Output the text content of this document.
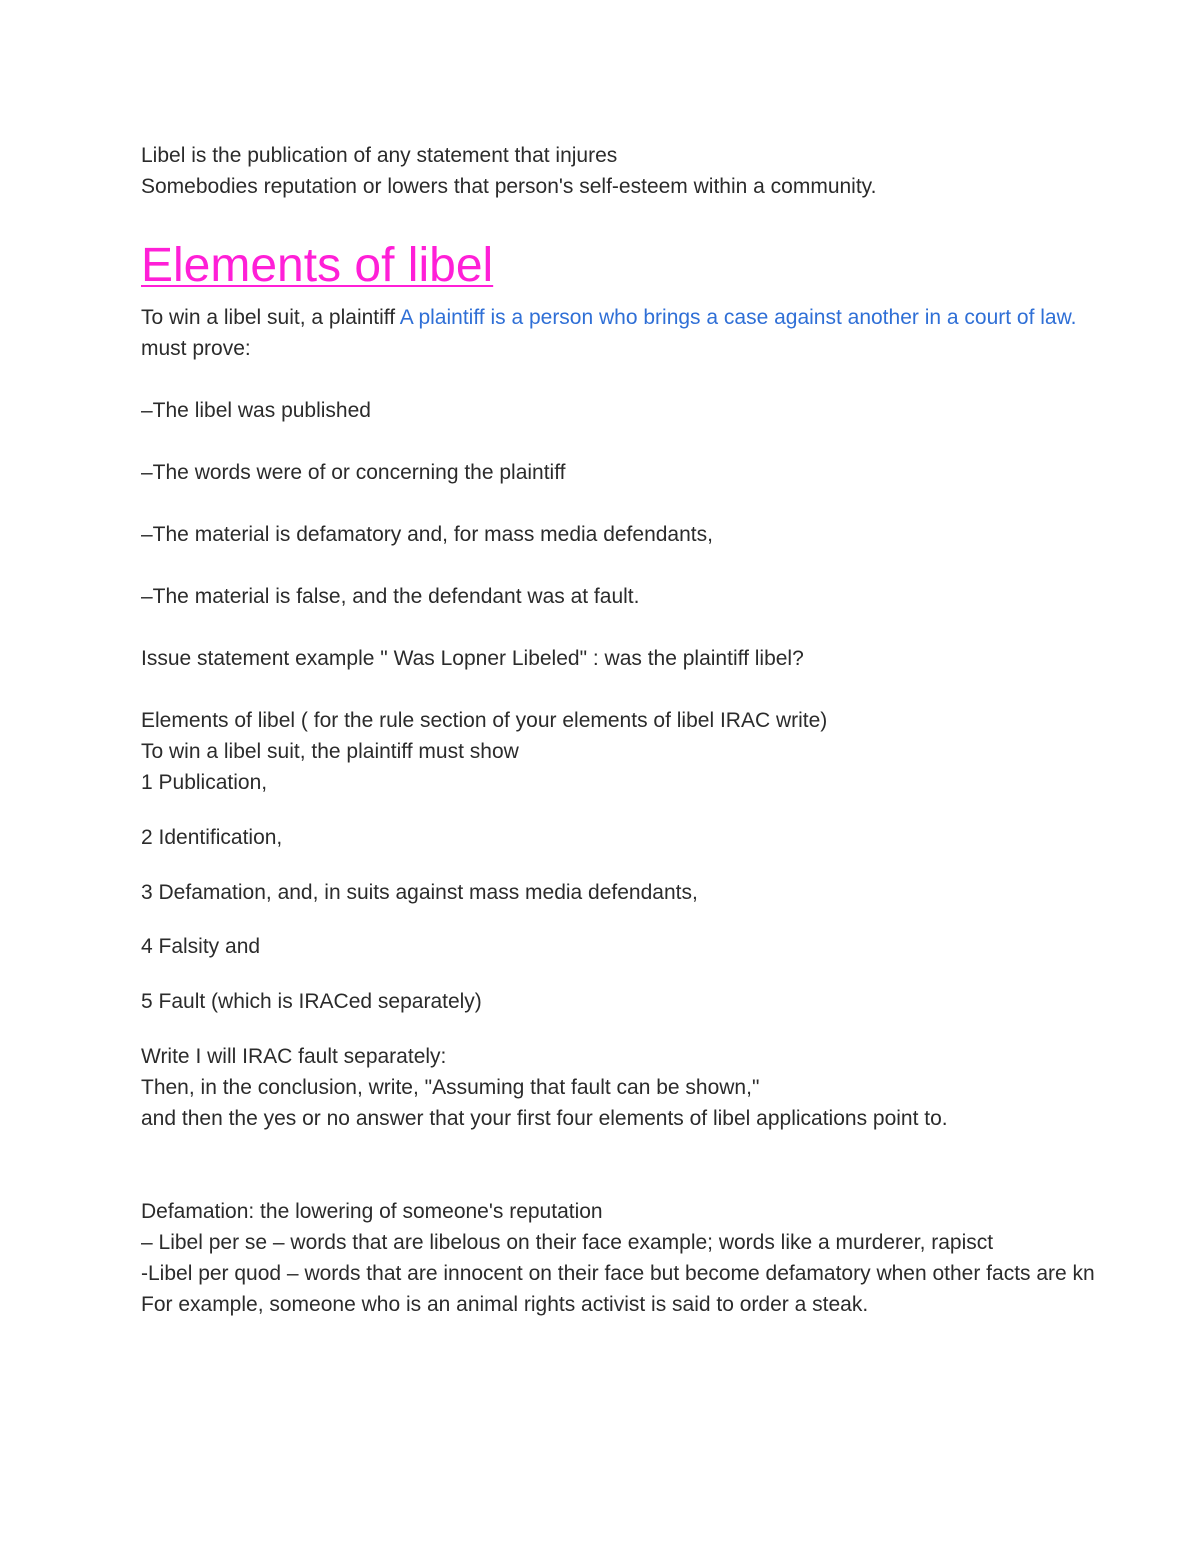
Libel is the publication of any statement that injures
Somebodies reputation or lowers that person's self-esteem within a community.
Elements of libel
To win a libel suit, a plaintiff A plaintiff is a person who brings a case against another in a court of law.
must prove:
–The libel was published
–The words were of or concerning the plaintiff
–The material is defamatory and, for mass media defendants,
–The material is false, and the defendant was at fault.
Issue statement example " Was Lopner Libeled" : was the plaintiff libel?
Elements of libel ( for the rule section of your elements of libel IRAC write)
To win a libel suit, the plaintiff must show
1 Publication,
2 Identification,
3 Defamation, and, in suits against mass media defendants,
4 Falsity and
5 Fault (which is IRACed separately)
Write I will IRAC fault separately:
Then, in the conclusion, write, "Assuming that fault can be shown,"
and then the yes or no answer that your first four elements of libel applications point to.
Defamation: the lowering of someone's reputation
– Libel per se – words that are libelous on their face example; words like a murderer, rapisct
-Libel per quod – words that are innocent on their face but become defamatory when other facts are kn
For example, someone who is an animal rights activist is said to order a steak.
